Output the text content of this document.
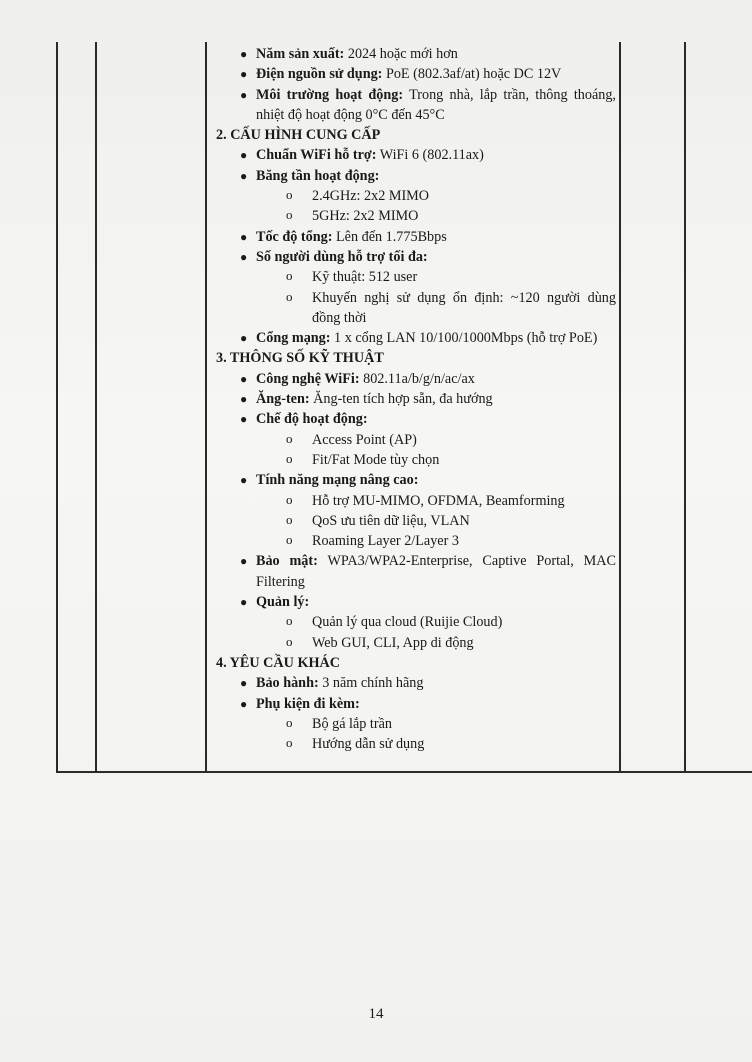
● Năm sản xuất: 2024 hoặc mới hơn
● Điện nguồn sử dụng: PoE (802.3af/at) hoặc DC 12V
● Môi trường hoạt động: Trong nhà, lắp trần, thông thoáng, nhiệt độ hoạt động 0°C đến 45°C
2. CẤU HÌNH CUNG CẤP
● Chuẩn WiFi hỗ trợ: WiFi 6 (802.11ax)
● Băng tần hoạt động:
o 2.4GHz: 2x2 MIMO
o 5GHz: 2x2 MIMO
● Tốc độ tổng: Lên đến 1.775Bbps
● Số người dùng hỗ trợ tối đa:
o Kỹ thuật: 512 user
o Khuyến nghị sử dụng ổn định: ~120 người dùng đồng thời
● Cổng mạng: 1 x cổng LAN 10/100/1000Mbps (hỗ trợ PoE)
3. THÔNG SỐ KỸ THUẬT
● Công nghệ WiFi: 802.11a/b/g/n/ac/ax
● Ăng-ten: Ăng-ten tích hợp sẵn, đa hướng
● Chế độ hoạt động:
o Access Point (AP)
o Fit/Fat Mode tùy chọn
● Tính năng mạng nâng cao:
o Hỗ trợ MU-MIMO, OFDMA, Beamforming
o QoS ưu tiên dữ liệu, VLAN
o Roaming Layer 2/Layer 3
● Bảo mật: WPA3/WPA2-Enterprise, Captive Portal, MAC Filtering
● Quản lý:
o Quản lý qua cloud (Ruijie Cloud)
o Web GUI, CLI, App di động
4. YÊU CẦU KHÁC
● Bảo hành: 3 năm chính hãng
● Phụ kiện đi kèm:
o Bộ gá lắp trần
o Hướng dẫn sử dụng
14
